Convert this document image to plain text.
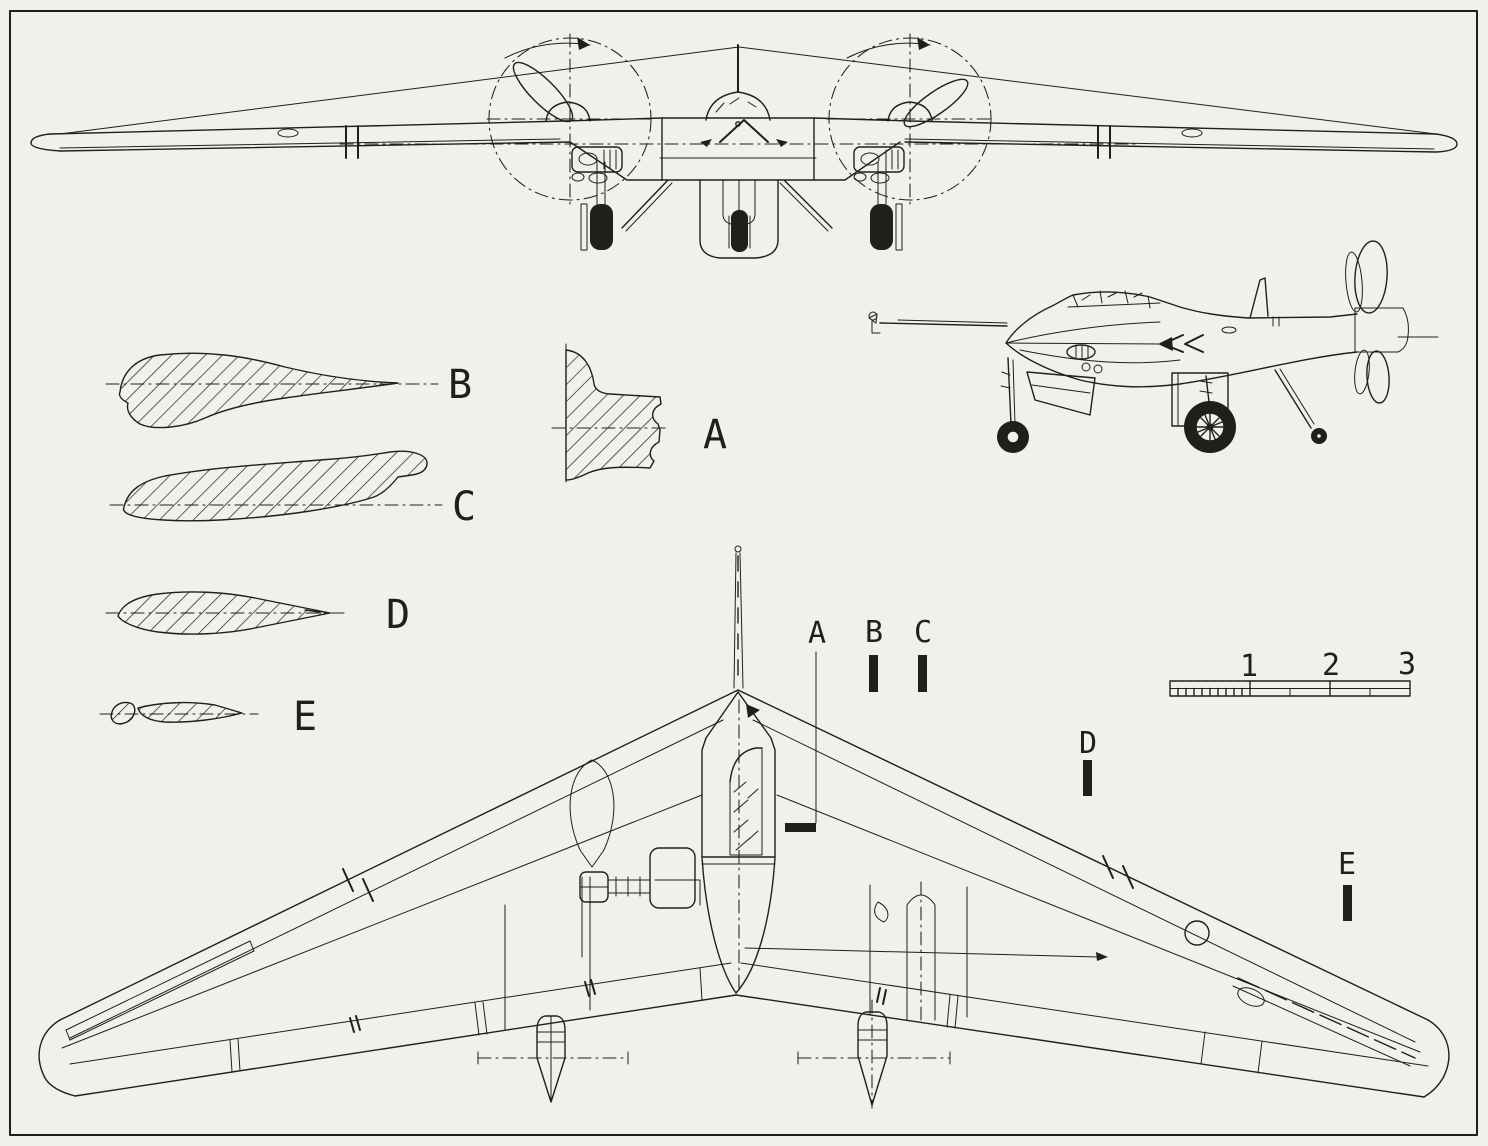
B
C
D
E
A
A B C
D
E
1 2 3
